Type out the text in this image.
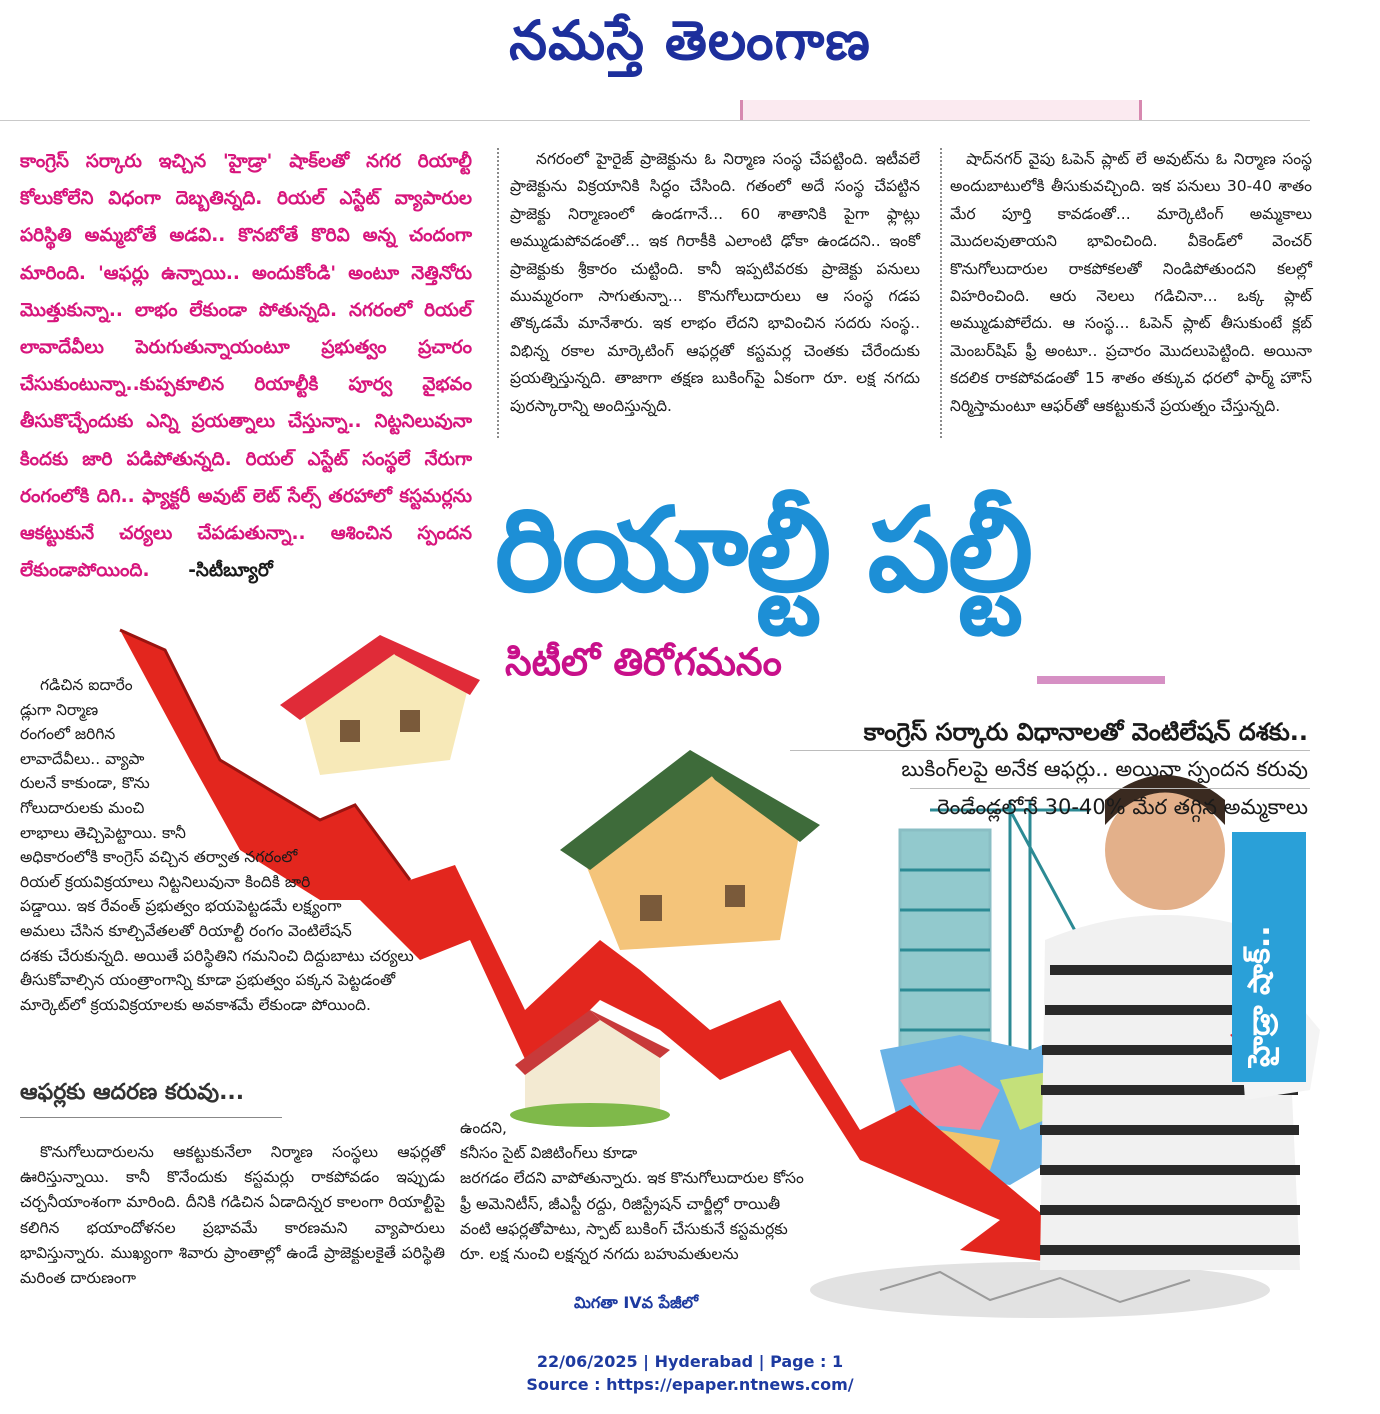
నమస్తే తెలంగాణ
కాంగ్రెస్ సర్కారు ఇచ్చిన 'హైడ్రా' షాక్‌లతో నగర రియాల్టీ కోలుకోలేని విధంగా దెబ్బతిన్నది. రియల్ ఎస్టేట్ వ్యాపారుల పరిస్థితి అమ్మబోతే అడవి.. కొనబోతే కొరివి అన్న చందంగా మారింది. 'ఆఫర్లు ఉన్నాయి.. అందుకోండి' అంటూ నెత్తినోరు మొత్తుకున్నా.. లాభం లేకుండా పోతున్నది. నగరంలో రియల్ లావాదేవీలు పెరుగుతున్నాయంటూ ప్రభుత్వం ప్రచారం చేసుకుంటున్నా..కుప్పకూలిన రియాల్టీకి పూర్వ వైభవం తీసుకొచ్చేందుకు ఎన్ని ప్రయత్నాలు చేస్తున్నా.. నిట్టనిలువునా కిందకు జారి పడిపోతున్నది. రియల్ ఎస్టేట్ సంస్థలే నేరుగా రంగంలోకి దిగి.. ఫ్యాక్టరీ అవుట్ లెట్ సేల్స్ తరహాలో కస్టమర్లను ఆకట్టుకునే చర్యలు చేపడుతున్నా.. ఆశించిన స్పందన లేకుండాపోయింది. -సిటీబ్యూరో

నగరంలో హైరైజ్ ప్రాజెక్టును ఓ నిర్మాణ సంస్థ చేపట్టింది. ఇటీవలే ప్రాజెక్టును విక్రయానికి సిద్ధం చేసింది. గతంలో అదే సంస్థ చేపట్టిన ప్రాజెక్టు నిర్మాణంలో ఉండగానే... 60 శాతానికి పైగా ఫ్లాట్లు అమ్ముడుపోవడంతో... ఇక గిరాకీకి ఎలాంటి ఢోకా ఉండదని.. ఇంకో ప్రాజెక్టుకు శ్రీకారం చుట్టింది. కానీ ఇప్పటివరకు ప్రాజెక్టు పనులు ముమ్మరంగా సాగుతున్నా... కొనుగోలుదారులు ఆ సంస్థ గడప తొక్కడమే మానేశారు. ఇక లాభం లేదని భావించిన సదరు సంస్థ.. విభిన్న రకాల మార్కెటింగ్ ఆఫర్లతో కస్టమర్ల చెంతకు చేరేందుకు ప్రయత్నిస్తున్నది. తాజాగా తక్షణ బుకింగ్‌పై ఏకంగా రూ. లక్ష నగదు పురస్కారాన్ని అందిస్తున్నది.

షాద్‌నగర్ వైపు ఓపెన్ ప్లాట్ లే అవుట్‌ను ఓ నిర్మాణ సంస్థ అందుబాటులోకి తీసుకువచ్చింది. ఇక పనులు 30-40 శాతం మేర పూర్తి కావడంతో... మార్కెటింగ్ అమ్మకాలు మొదలవుతాయని భావించింది. వీకెండ్‌లో వెంచర్ కొనుగోలుదారుల రాకపోకలతో నిండిపోతుందని కలల్లో విహరించింది. ఆరు నెలలు గడిచినా... ఒక్క ప్లాట్ అమ్ముడుపోలేదు. ఆ సంస్థ... ఓపెన్ ప్లాట్ తీసుకుంటే క్లబ్ మెంబర్‌షిప్ ఫ్రీ అంటూ.. ప్రచారం మొదలుపెట్టింది. అయినా కదలిక రాకపోవడంతో 15 శాతం తక్కువ ధరలో ఫార్మ్ హౌస్ నిర్మిస్తామంటూ ఆఫర్‌తో ఆకట్టుకునే ప్రయత్నం చేస్తున్నది.

రియాల్టీ పల్టీ
సిటీలో తిరోగమనం
కాంగ్రెస్ సర్కారు విధానాలతో వెంటిలేషన్ దశకు..
బుకింగ్‌లపై అనేక ఆఫర్లు.. అయినా స్పందన కరువు
రెండేండ్లలోనే 30-40% మేర తగ్గిన అమ్మకాలు
హైడ్రా షాక్..
గడిచిన ఐదారేం
డ్లుగా నిర్మాణ
రంగంలో జరిగిన
లావాదేవీలు.. వ్యాపా
రులనే కాకుండా, కొను
గోలుదారులకు మంచి
లాభాలు తెచ్చిపెట్టాయి. కానీ
అధికారంలోకి కాంగ్రెస్ వచ్చిన తర్వాత నగరంలో
రియల్ క్రయవిక్రయాలు నిట్టనిలువునా కిందికి జారి
పడ్డాయి. ఇక రేవంత్ ప్రభుత్వం భయపెట్టడమే లక్ష్యంగా
అమలు చేసిన కూల్చివేతలతో రియాల్టీ రంగం వెంటిలేషన్
దశకు చేరుకున్నది. అయితే పరిస్థితిని గమనించి దిద్దుబాటు చర్యలు
తీసుకోవాల్సిన యంత్రాంగాన్ని కూడా ప్రభుత్వం పక్కన పెట్టడంతో
మార్కెట్‌లో క్రయవిక్రయాలకు అవకాశమే లేకుండా పోయింది.
ఆఫర్లకు ఆదరణ కరువు...
కొనుగోలుదారులను ఆకట్టుకునేలా నిర్మాణ సంస్థలు ఆఫర్లతో ఊరిస్తున్నాయి. కానీ కొనేందుకు కస్టమర్లు రాకపోవడం ఇప్పుడు చర్చనీయాంశంగా మారింది. దీనికి గడిచిన ఏడాదిన్నర కాలంగా రియాల్టీపై కలిగిన భయాందోళనల ప్రభావమే కారణమని వ్యాపారులు భావిస్తున్నారు. ముఖ్యంగా శివారు ప్రాంతాల్లో ఉండే ప్రాజెక్టులకైతే పరిస్థితి మరింత దారుణంగా
ఉందని,
కనీసం సైట్ విజిటింగ్‌లు కూడా
జరగడం లేదని వాపోతున్నారు. ఇక కొనుగోలుదారుల కోసం
ఫ్రీ అమెనిటీస్, జీఎస్టీ రద్దు, రిజిస్ట్రేషన్ చార్జీల్లో రాయితీ
వంటి ఆఫర్లతోపాటు, స్పాట్ బుకింగ్ చేసుకునే కస్టమర్లకు
రూ. లక్ష నుంచి లక్షన్నర నగదు బహుమతులను
మిగతా IVవ పేజీలో
22/06/2025 | Hyderabad | Page : 1
Source : https://epaper.ntnews.com/
